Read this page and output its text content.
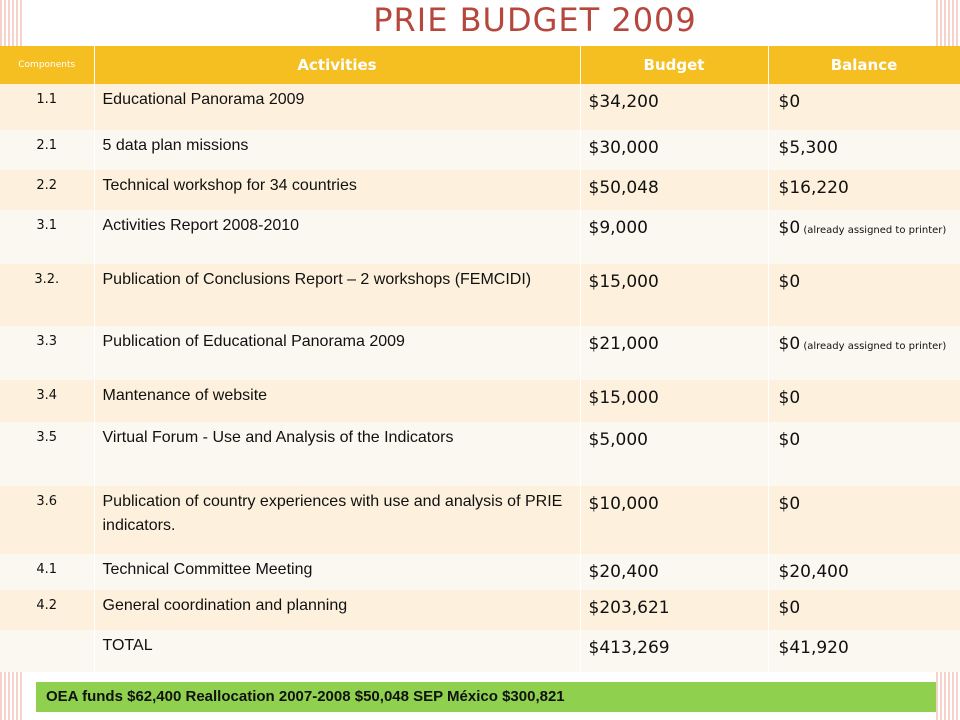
PRIE BUDGET 2009
Components	Activities	Budget	Balance
1.1	Educational Panorama 2009	$34,200	$0
2.1	5 data plan missions	$30,000	$5,300
2.2	Technical workshop for 34 countries	$50,048	$16,220
3.1	Activities Report 2008-2010	$9,000	$0 (already assigned to printer)
3.2.	Publication of Conclusions Report – 2 workshops (FEMCIDI)	$15,000	$0
3.3	Publication of Educational Panorama 2009	$21,000	$0 (already assigned to printer)
3.4	Mantenance of website	$15,000	$0
3.5	Virtual Forum - Use and Analysis of the Indicators	$5,000	$0
3.6	Publication of country experiences with use and analysis of PRIE indicators.	$10,000	$0
4.1	Technical Committee Meeting	$20,400	$20,400
4.2	General coordination and planning	$203,621	$0
	TOTAL	$413,269	$41,920
OEA funds $62,400 Reallocation 2007-2008 $50,048 SEP México $300,821
